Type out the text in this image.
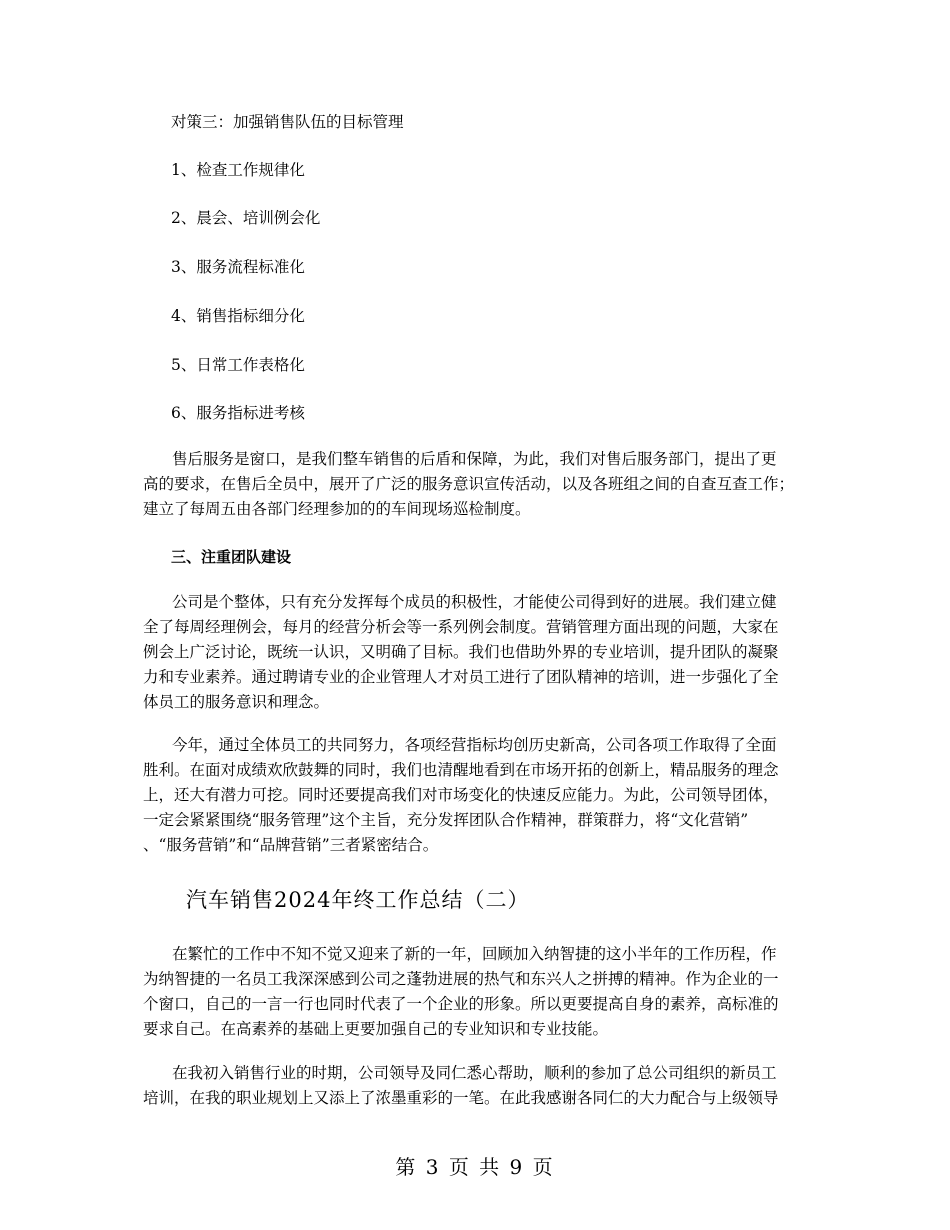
对策三：加强销售队伍的目标管理
1、检查工作规律化
2、晨会、培训例会化
3、服务流程标准化
4、销售指标细分化
5、日常工作表格化
6、服务指标进考核
售后服务是窗口，是我们整车销售的后盾和保障，为此，我们对售后服务部门，提出了更
高的要求，在售后全员中，展开了广泛的服务意识宣传活动，以及各班组之间的自查互查工作；
建立了每周五由各部门经理参加的的车间现场巡检制度。
三、注重团队建设
公司是个整体，只有充分发挥每个成员的积极性，才能使公司得到好的进展。我们建立健
全了每周经理例会，每月的经营分析会等一系列例会制度。营销管理方面出现的问题，大家在
例会上广泛讨论，既统一认识，又明确了目标。我们也借助外界的专业培训，提升团队的凝聚
力和专业素养。通过聘请专业的企业管理人才对员工进行了团队精神的培训，进一步强化了全
体员工的服务意识和理念。
今年，通过全体员工的共同努力，各项经营指标均创历史新高，公司各项工作取得了全面
胜利。在面对成绩欢欣鼓舞的同时，我们也清醒地看到在市场开拓的创新上，精品服务的理念
上，还大有潜力可挖。同时还要提高我们对市场变化的快速反应能力。为此，公司领导团体，
一定会紧紧围绕“服务管理”这个主旨，充分发挥团队合作精神，群策群力，将“文化营销”
、“服务营销”和“品牌营销”三者紧密结合。
汽车销售2024年终工作总结（二）
在繁忙的工作中不知不觉又迎来了新的一年，回顾加入纳智捷的这小半年的工作历程，作
为纳智捷的一名员工我深深感到公司之蓬勃进展的热气和东兴人之拼搏的精神。作为企业的一
个窗口，自己的一言一行也同时代表了一个企业的形象。所以更要提高自身的素养，高标准的
要求自己。在高素养的基础上更要加强自己的专业知识和专业技能。
在我初入销售行业的时期，公司领导及同仁悉心帮助，顺利的参加了总公司组织的新员工
培训，在我的职业规划上又添上了浓墨重彩的一笔。在此我感谢各同仁的大力配合与上级领导
第 3 页 共 9 页
